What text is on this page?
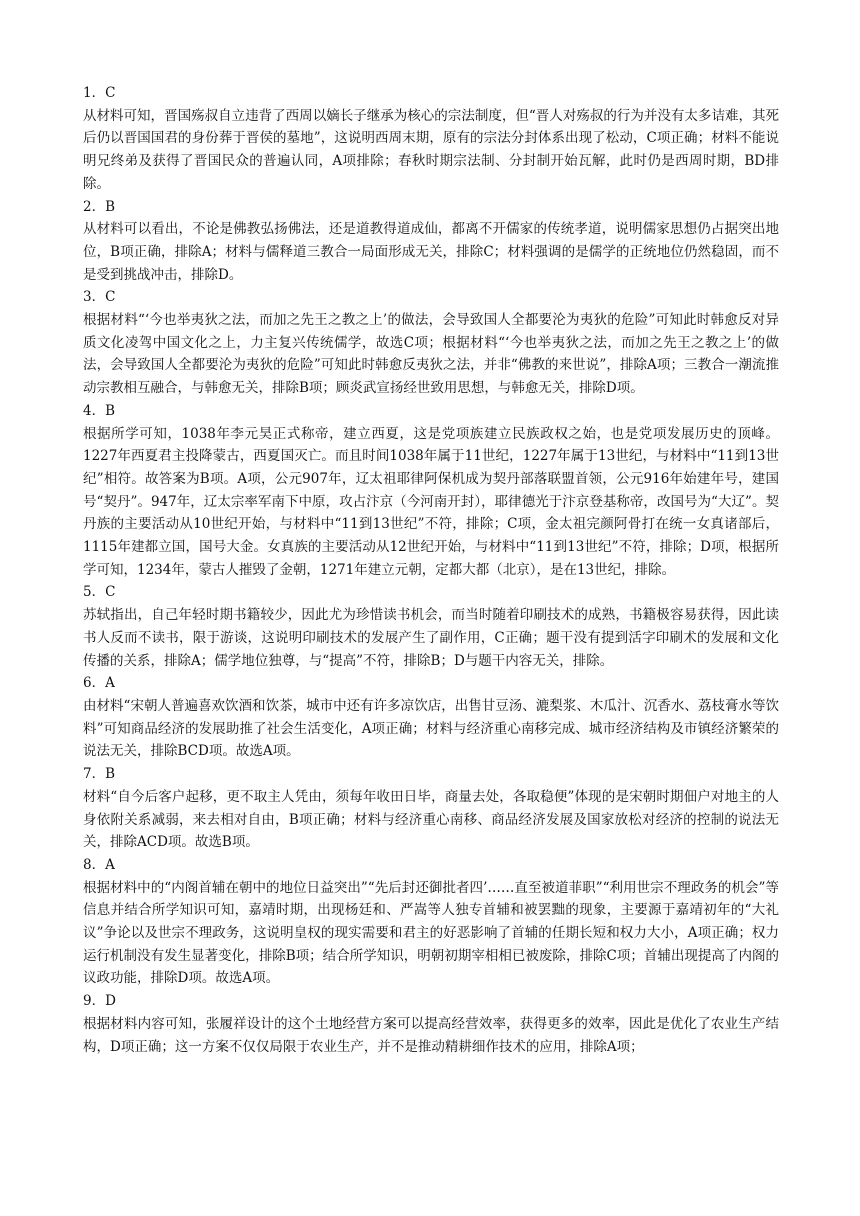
1．C

从材料可知，晋国殇叔自立违背了西周以嫡长子继承为核心的宗法制度，但“晋人对殇叔的行为并没有太多诘难，其死后仍以晋国国君的身份葬于晋侯的墓地”，这说明西周末期，原有的宗法分封体系出现了松动，C项正确；材料不能说明兄终弟及获得了晋国民众的普遍认同，A项排除；春秋时期宗法制、分封制开始瓦解，此时仍是西周时期，BD排除。

2．B

从材料可以看出，不论是佛教弘扬佛法，还是道教得道成仙，都离不开儒家的传统孝道，说明儒家思想仍占据突出地位，B项正确，排除A；材料与儒释道三教合一局面形成无关，排除C；材料强调的是儒学的正统地位仍然稳固，而不是受到挑战冲击，排除D。

3．C

根据材料“‘今也举夷狄之法，而加之先王之教之上’的做法，会导致国人全都要沦为夷狄的危险”可知此时韩愈反对异质文化凌驾中国文化之上，力主复兴传统儒学，故选C项；根据材料“‘今也举夷狄之法，而加之先王之教之上’的做法，会导致国人全都要沦为夷狄的危险”可知此时韩愈反夷狄之法，并非“佛教的来世说”，排除A项；三教合一潮流推动宗教相互融合，与韩愈无关，排除B项；顾炎武宣扬经世致用思想，与韩愈无关，排除D项。

4．B

根据所学可知，1038年李元昊正式称帝，建立西夏，这是党项族建立民族政权之始，也是党项发展历史的顶峰。1227年西夏君主投降蒙古，西夏国灭亡。而且时间1038年属于11世纪，1227年属于13世纪，与材料中“11到13世纪”相符。故答案为B项。A项，公元907年，辽太祖耶律阿保机成为契丹部落联盟首领，公元916年始建年号，建国号“契丹”。947年，辽太宗率军南下中原，攻占汴京（今河南开封），耶律德光于汴京登基称帝，改国号为“大辽”。契丹族的主要活动从10世纪开始，与材料中“11到13世纪”不符，排除；C项，金太祖完颜阿骨打在统一女真诸部后，1115年建都立国，国号大金。女真族的主要活动从12世纪开始，与材料中“11到13世纪”不符，排除；D项，根据所学可知，1234年，蒙古人摧毁了金朝，1271年建立元朝，定都大都（北京），是在13世纪，排除。

5．C

苏轼指出，自己年轻时期书籍较少，因此尤为珍惜读书机会，而当时随着印刷技术的成熟，书籍极容易获得，因此读书人反而不读书，限于游谈，这说明印刷技术的发展产生了副作用，C正确；题干没有提到活字印刷术的发展和文化传播的关系，排除A；儒学地位独尊，与“提高”不符，排除B；D与题干内容无关，排除。

6．A

由材料“宋朝人普遍喜欢饮酒和饮茶，城市中还有许多凉饮店，出售甘豆汤、漉梨浆、木瓜汁、沉香水、荔枝膏水等饮料”可知商品经济的发展助推了社会生活变化，A项正确；材料与经济重心南移完成、城市经济结构及市镇经济繁荣的说法无关，排除BCD项。故选A项。

7．B

材料“自今后客户起移，更不取主人凭由，须每年收田日毕，商量去处，各取稳便”体现的是宋朝时期佃户对地主的人身依附关系减弱，来去相对自由，B项正确；材料与经济重心南移、商品经济发展及国家放松对经济的控制的说法无关，排除ACD项。故选B项。

8．A

根据材料中的“内阁首辅在朝中的地位日益突出”“先后封还御批者四’……直至被道菲职”“利用世宗不理政务的机会”等信息并结合所学知识可知，嘉靖时期，出现杨廷和、严嵩等人独专首辅和被罢黜的现象，主要源于嘉靖初年的“大礼议”争论以及世宗不理政务，这说明皇权的现实需要和君主的好恶影响了首辅的任期长短和权力大小，A项正确；权力运行机制没有发生显著变化，排除B项；结合所学知识，明朝初期宰相相已被废除，排除C项；首辅出现提高了内阁的议政功能，排除D项。故选A项。

9．D

根据材料内容可知，张履祥设计的这个土地经营方案可以提高经营效率，获得更多的效率，因此是优化了农业生产结构，D项正确；这一方案不仅仅局限于农业生产，并不是推动精耕细作技术的应用，排除A项；
